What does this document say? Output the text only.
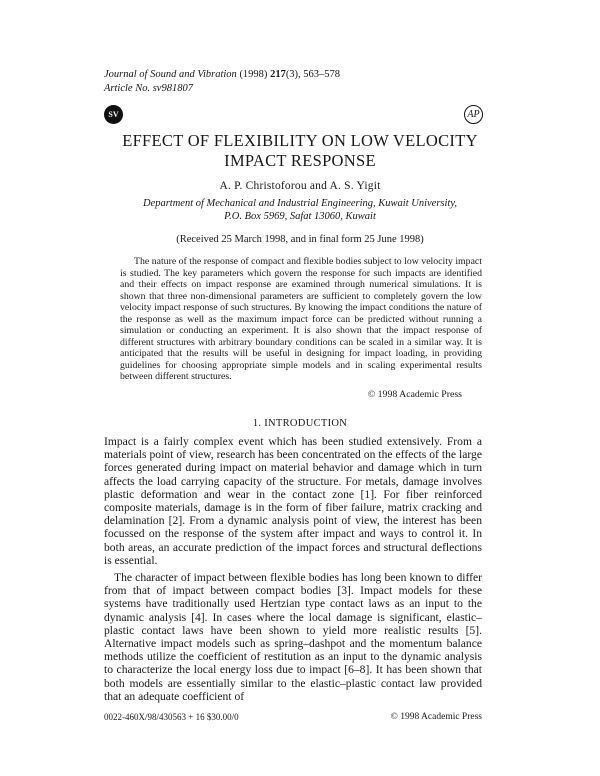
Journal of Sound and Vibration (1998) 217(3), 563–578
Article No. sv981807
SV	AP
EFFECT OF FLEXIBILITY ON LOW VELOCITY
IMPACT RESPONSE
A. P. Christoforou and A. S. Yigit
Department of Mechanical and Industrial Engineering, Kuwait University,
P.O. Box 5969, Safat 13060, Kuwait
(Received 25 March 1998, and in final form 25 June 1998)
The nature of the response of compact and flexible bodies subject to low velocity impact is studied. The key parameters which govern the response for such impacts are identified and their effects on impact response are examined through numerical simulations. It is shown that three non-dimensional parameters are sufficient to completely govern the low velocity impact response of such structures. By knowing the impact conditions the nature of the response as well as the maximum impact force can be predicted without running a simulation or conducting an experiment. It is also shown that the impact response of different structures with arbitrary boundary conditions can be scaled in a similar way. It is anticipated that the results will be useful in designing for impact loading, in providing guidelines for choosing appropriate simple models and in scaling experimental results between different structures.
© 1998 Academic Press
1. INTRODUCTION
Impact is a fairly complex event which has been studied extensively. From a materials point of view, research has been concentrated on the effects of the large forces generated during impact on material behavior and damage which in turn affects the load carrying capacity of the structure. For metals, damage involves plastic deformation and wear in the contact zone [1]. For fiber reinforced composite materials, damage is in the form of fiber failure, matrix cracking and delamination [2]. From a dynamic analysis point of view, the interest has been focussed on the response of the system after impact and ways to control it. In both areas, an accurate prediction of the impact forces and structural deflections is essential.
The character of impact between flexible bodies has long been known to differ from that of impact between compact bodies [3]. Impact models for these systems have traditionally used Hertzian type contact laws as an input to the dynamic analysis [4]. In cases where the local damage is significant, elastic–plastic contact laws have been shown to yield more realistic results [5]. Alternative impact models such as spring–dashpot and the momentum balance methods utilize the coefficient of restitution as an input to the dynamic analysis to characterize the local energy loss due to impact [6–8]. It has been shown that both models are essentially similar to the elastic–plastic contact law provided that an adequate coefficient of
0022-460X/98/430563 + 16 $30.00/0	© 1998 Academic Press
